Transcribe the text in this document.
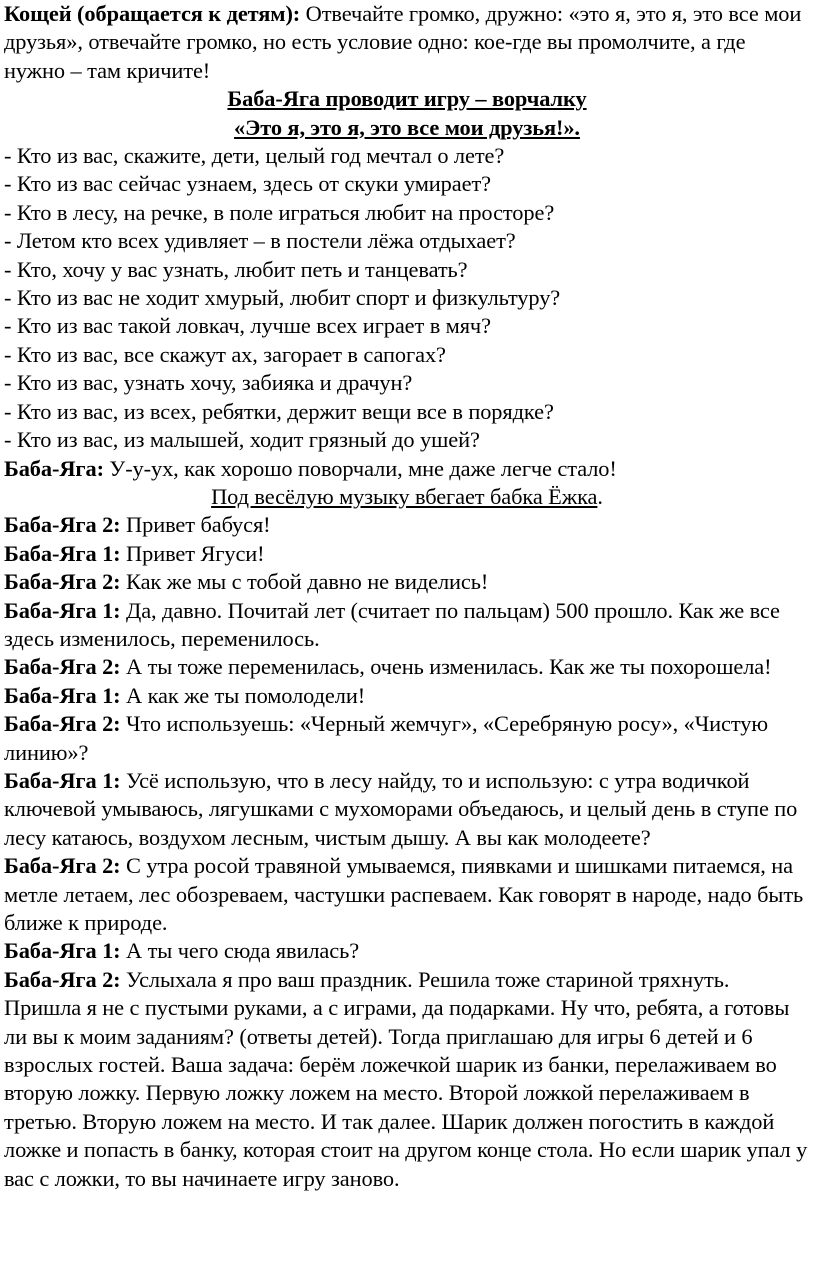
Кощей (обращается к детям): Отвечайте громко, дружно: «это я, это я, это все мои друзья», отвечайте громко, но есть условие одно: кое-где вы промолчите, а где нужно – там кричите!

Баба-Яга проводит игру – ворчалку

«Это я, это я, это все мои друзья!».

- Кто из вас, скажите, дети, целый год мечтал о лете?

- Кто из вас сейчас узнаем, здесь от скуки умирает?

- Кто в лесу, на речке, в поле играться любит на просторе?

- Летом кто всех удивляет – в постели лёжа отдыхает?

- Кто, хочу у вас узнать, любит петь и танцевать?

- Кто из вас не ходит хмурый, любит спорт и физкультуру?

- Кто из вас такой ловкач, лучше всех играет в мяч?

- Кто из вас, все скажут ах, загорает в сапогах?

- Кто из вас, узнать хочу, забияка и драчун?

- Кто из вас, из всех, ребятки, держит вещи все в порядке?

- Кто из вас, из малышей, ходит грязный до ушей?

Баба-Яга: У-у-ух, как хорошо поворчали, мне даже легче стало!

Под весёлую музыку вбегает бабка Ёжка.

Баба-Яга 2: Привет бабуся!

Баба-Яга 1: Привет Ягуси!

Баба-Яга 2: Как же мы с тобой давно не виделись!

Баба-Яга 1: Да, давно. Почитай лет (считает по пальцам) 500 прошло. Как же все здесь изменилось, переменилось.

Баба-Яга 2: А ты тоже переменилась, очень изменилась. Как же ты похорошела!

Баба-Яга 1: А как же ты помолодели!

Баба-Яга 2: Что используешь: «Черный жемчуг», «Серебряную росу», «Чистую линию»?

Баба-Яга 1: Усё использую, что в лесу найду, то и использую: с утра водичкой ключевой умываюсь, лягушками с мухоморами объедаюсь, и целый день в ступе по лесу катаюсь, воздухом лесным, чистым дышу. А вы как молодеете?

Баба-Яга 2: С утра росой травяной умываемся, пиявками и шишками питаемся, на метле летаем, лес обозреваем, частушки распеваем. Как говорят в народе, надо быть ближе к природе.

Баба-Яга 1: А ты чего сюда явилась?

Баба-Яга 2: Услыхала я про ваш праздник. Решила тоже стариной тряхнуть. Пришла я не с пустыми руками, а с играми, да подарками. Ну что, ребята, а готовы ли вы к моим заданиям? (ответы детей). Тогда приглашаю для игры 6 детей и 6 взрослых гостей. Ваша задача: берём ложечкой шарик из банки, перелаживаем во вторую ложку. Первую ложку ложем на место. Второй ложкой перелаживаем в третью. Вторую ложем на место. И так далее. Шарик должен погостить в каждой ложке и попасть в банку, которая стоит на другом конце стола. Но если шарик упал у вас с ложки, то вы начинаете игру заново.
